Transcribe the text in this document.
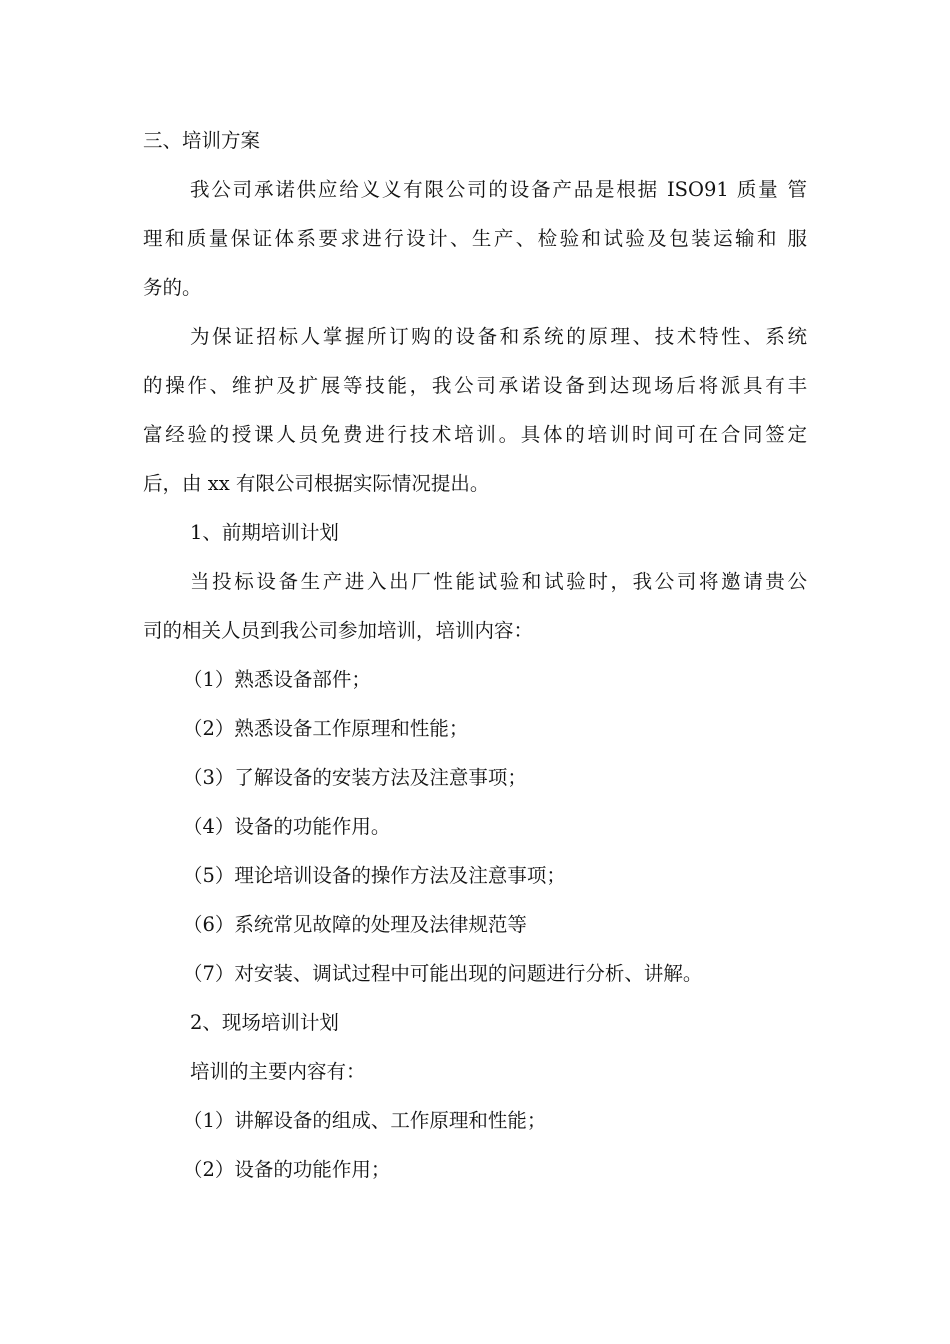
三、培训方案
我公司承诺供应给义义有限公司的设备产品是根据 ISO91 质量 管
理和质量保证体系要求进行设计、生产、检验和试验及包装运输和 服
务的。
为保证招标人掌握所订购的设备和系统的原理、技术特性、系统
的操作、维护及扩展等技能，我公司承诺设备到达现场后将派具有丰
富经验的授课人员免费进行技术培训。具体的培训时间可在合同签定
后，由 xx 有限公司根据实际情况提出。
1、前期培训计划
当投标设备生产进入出厂性能试验和试验时，我公司将邀请贵公
司的相关人员到我公司参加培训，培训内容：
（1）熟悉设备部件；
（2）熟悉设备工作原理和性能；
（3）了解设备的安装方法及注意事项；
（4）设备的功能作用。
（5）理论培训设备的操作方法及注意事项；
（6）系统常见故障的处理及法律规范等
（7）对安装、调试过程中可能出现的问题进行分析、讲解。
2、现场培训计划
培训的主要内容有：
（1）讲解设备的组成、工作原理和性能；
（2）设备的功能作用；
